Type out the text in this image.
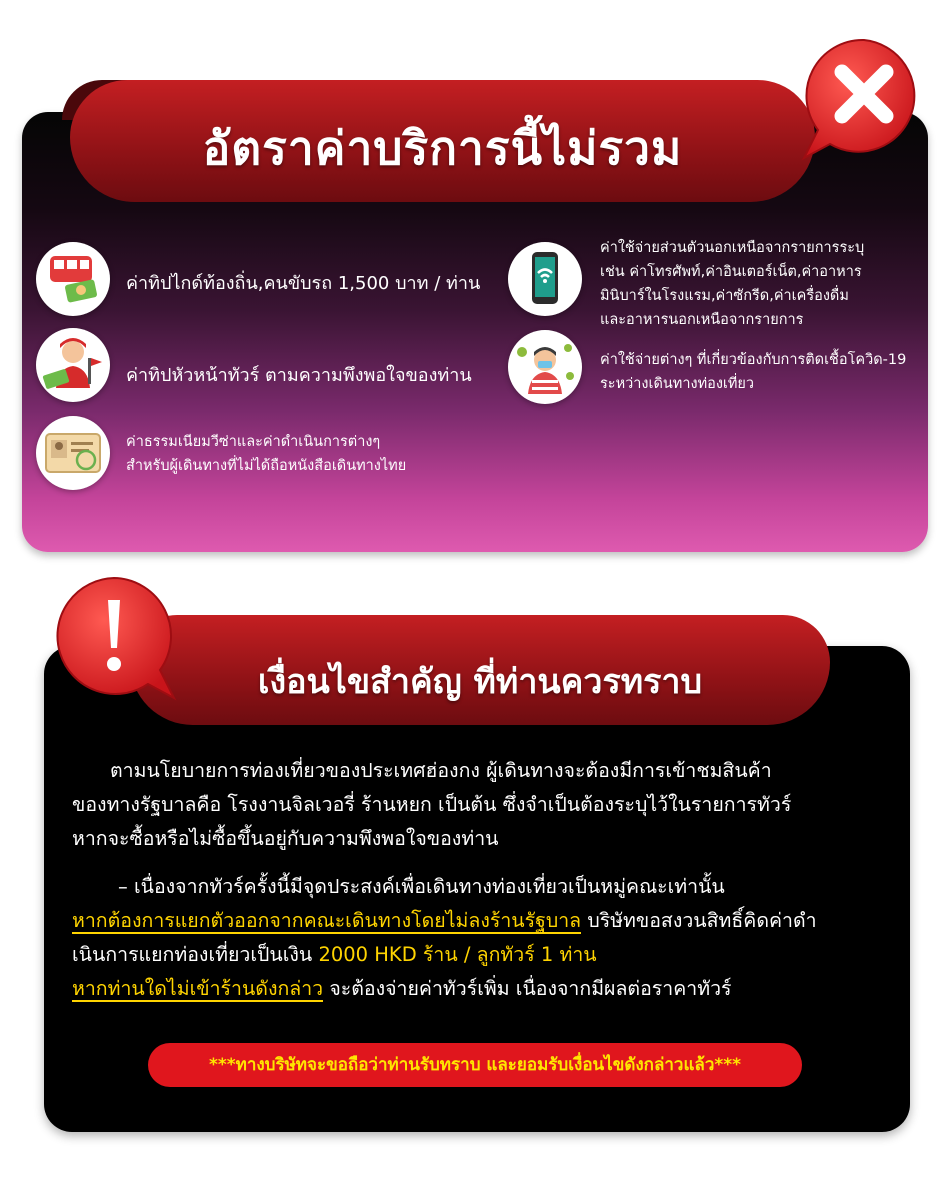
อัตราค่าบริการนี้ไม่รวม
ค่าทิปไกด์ท้องถิ่น,คนขับรถ 1,500 บาท / ท่าน
ค่าทิปหัวหน้าทัวร์ ตามความพึงพอใจของท่าน
ค่าธรรมเนียมวีซ่าและค่าดำเนินการต่างๆ
สำหรับผู้เดินทางที่ไม่ได้ถือหนังสือเดินทางไทย
ค่าใช้จ่ายส่วนตัวนอกเหนือจากรายการระบุ
เช่น ค่าโทรศัพท์,ค่าอินเตอร์เน็ต,ค่าอาหาร
มินิบาร์ในโรงแรม,ค่าซักรีด,ค่าเครื่องดื่ม
และอาหารนอกเหนือจากรายการ
ค่าใช้จ่ายต่างๆ ที่เกี่ยวข้องกับการติดเชื้อโควิด-19
ระหว่างเดินทางท่องเที่ยว
เงื่อนไขสำคัญ ที่ท่านควรทราบ
ตามนโยบายการท่องเที่ยวของประเทศฮ่องกง ผู้เดินทางจะต้องมีการเข้าชมสินค้า
ของทางรัฐบาลคือ โรงงานจิลเวอรี่ ร้านหยก เป็นต้น ซึ่งจำเป็นต้องระบุไว้ในรายการทัวร์
หากจะซื้อหรือไม่ซื้อขึ้นอยู่กับความพึงพอใจของท่าน
– เนื่องจากทัวร์ครั้งนี้มีจุดประสงค์เพื่อเดินทางท่องเที่ยวเป็นหมู่คณะเท่านั้น
หากต้องการแยกตัวออกจากคณะเดินทางโดยไม่ลงร้านรัฐบาล บริษัทขอสงวนสิทธิ์คิดค่าดำ
เนินการแยกท่องเที่ยวเป็นเงิน 2000 HKD ร้าน / ลูกทัวร์ 1 ท่าน
หากท่านใดไม่เข้าร้านดังกล่าว จะต้องจ่ายค่าทัวร์เพิ่ม เนื่องจากมีผลต่อราคาทัวร์
***ทางบริษัทจะขอถือว่าท่านรับทราบ และยอมรับเงื่อนไขดังกล่าวแล้ว***
